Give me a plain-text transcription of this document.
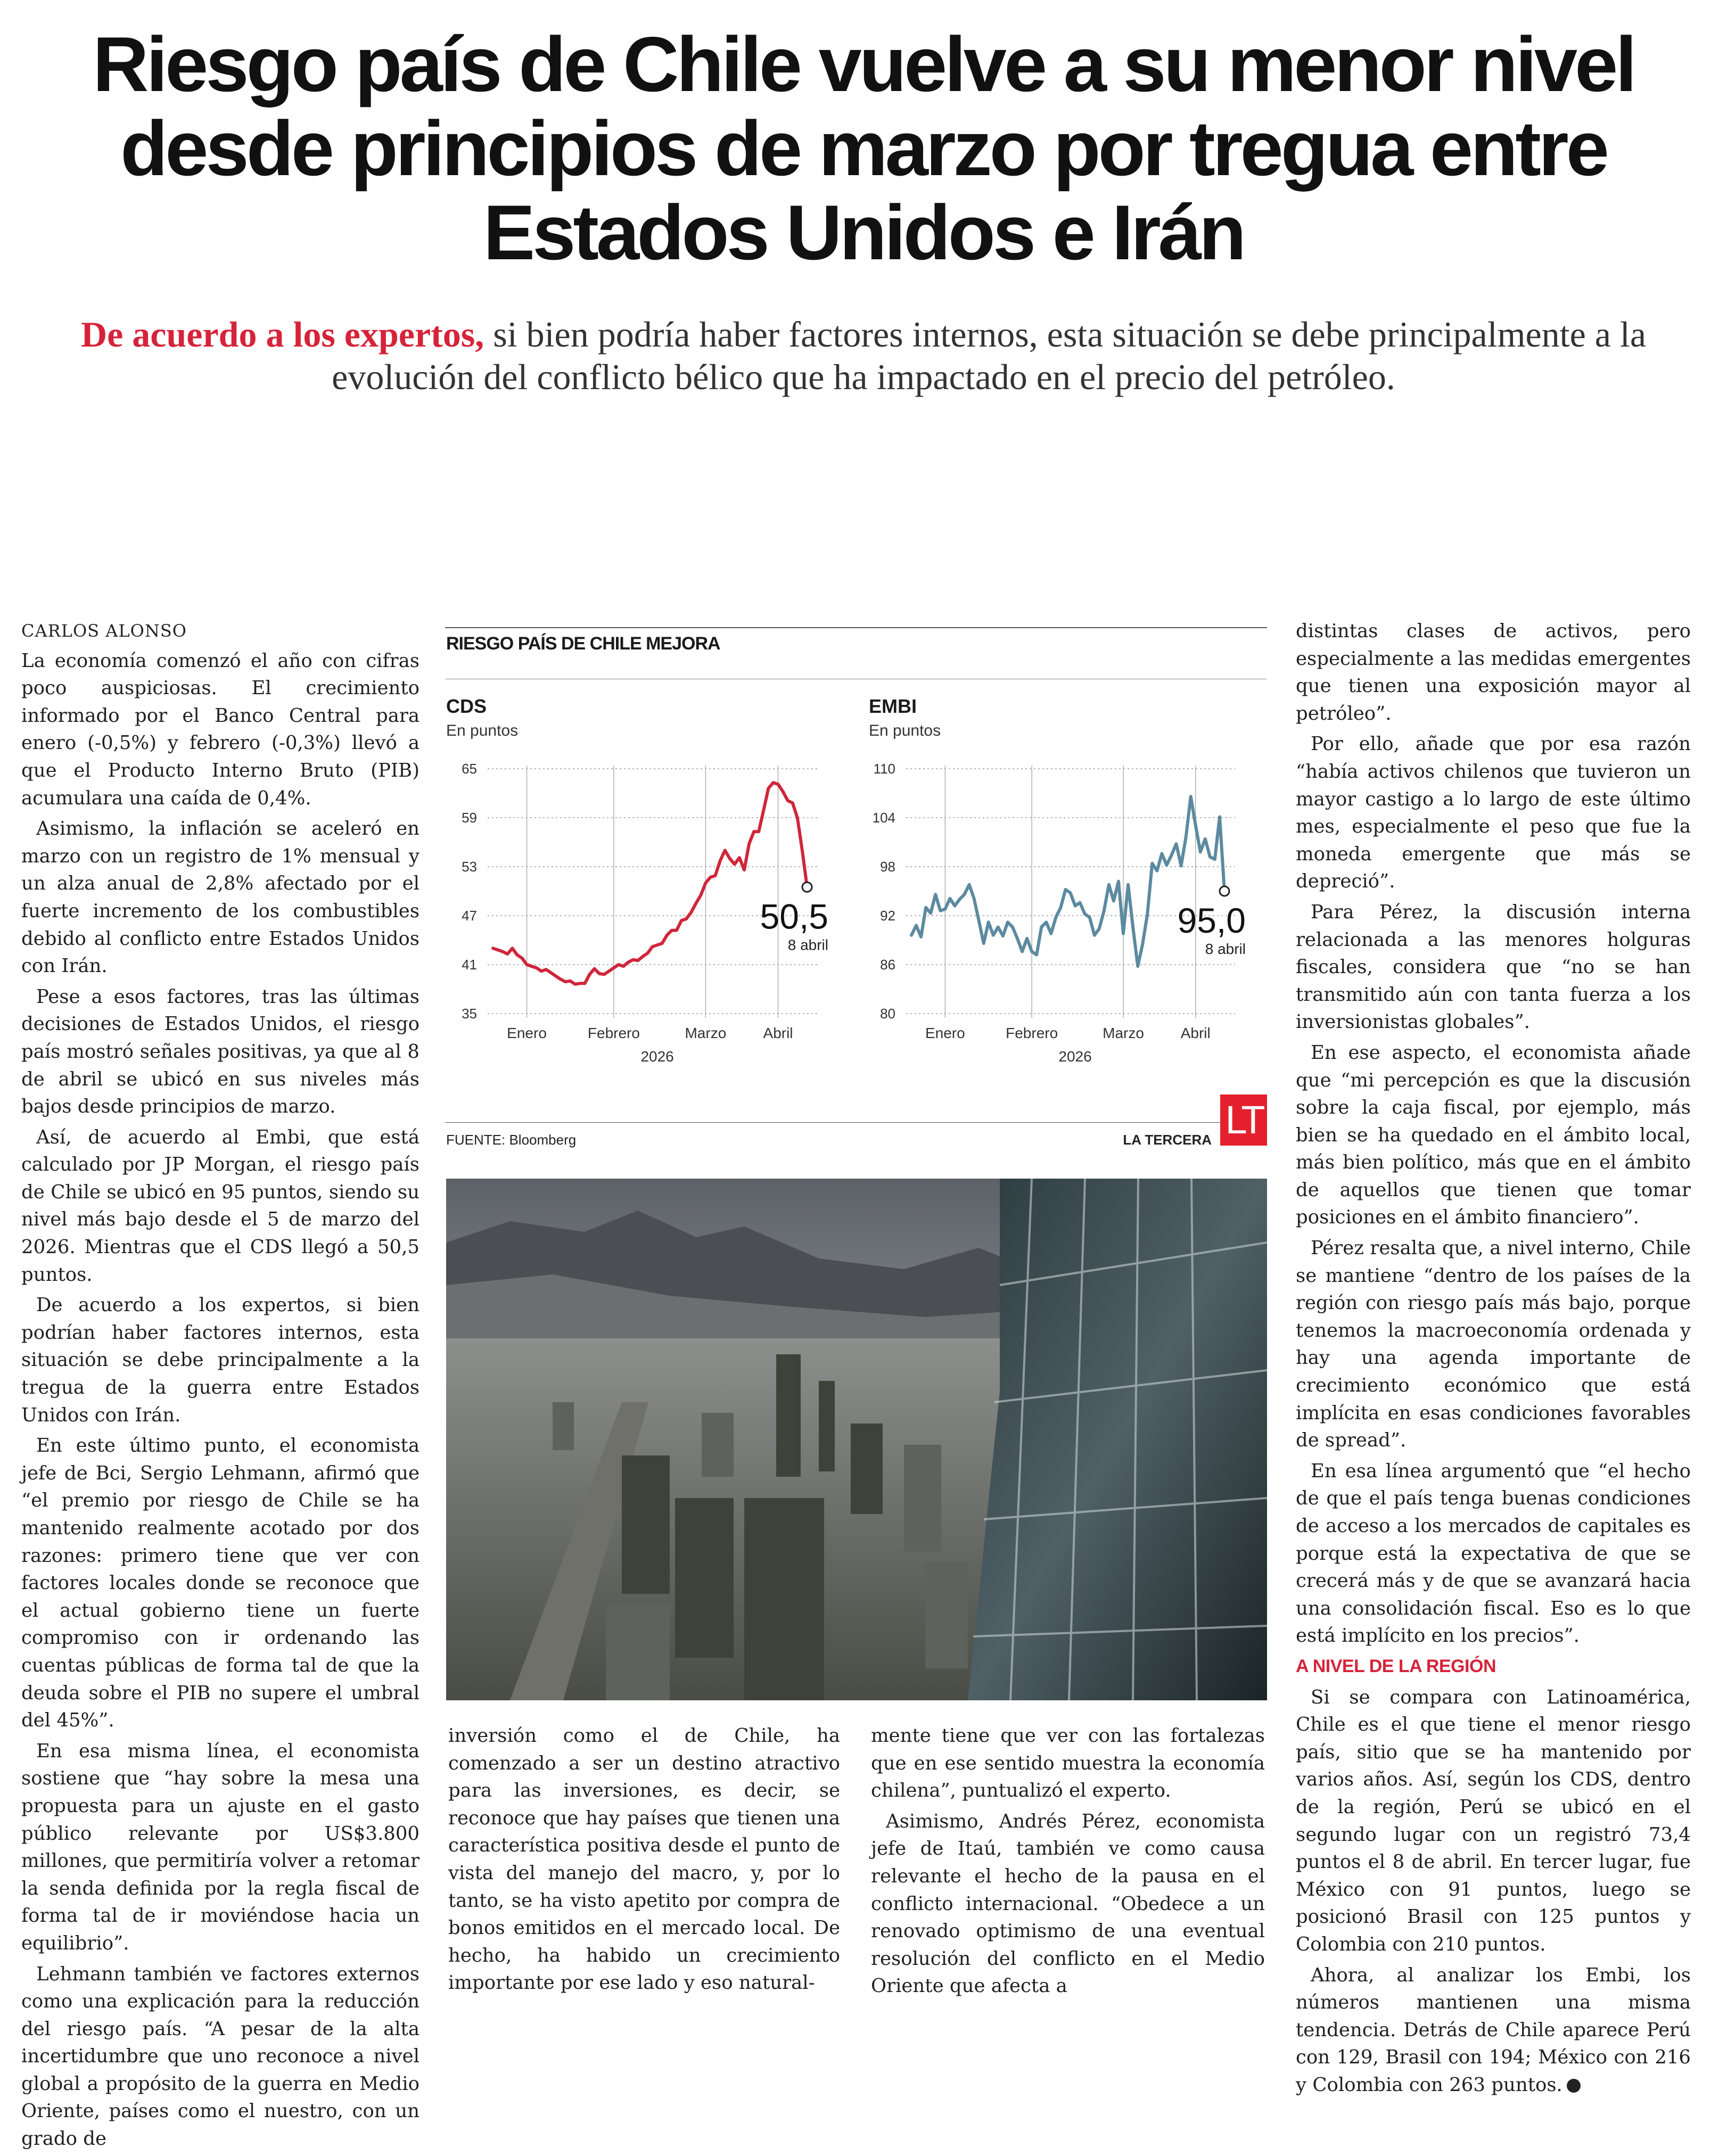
Riesgo país de Chile vuelve a su menor nivel desde principios de marzo por tregua entre Estados Unidos e Irán

De acuerdo a los expertos, si bien podría haber factores internos, esta situación se debe principalmente a la evolución del conflicto bélico que ha impactado en el precio del petróleo.

CARLOS ALONSO

La economía comenzó el año con cifras poco auspiciosas. El crecimiento informado por el Banco Central para enero (-0,5%) y febrero (-0,3%) llevó a que el Producto Interno Bruto (PIB) acumulara una caída de 0,4%.

Asimismo, la inflación se aceleró en marzo con un registro de 1% mensual y un alza anual de 2,8% afectado por el fuerte incremento de los combustibles debido al conflicto entre Estados Unidos con Irán.

Pese a esos factores, tras las últimas decisiones de Estados Unidos, el riesgo país mostró señales positivas, ya que al 8 de abril se ubicó en sus niveles más bajos desde principios de marzo.

Así, de acuerdo al Embi, que está calculado por JP Morgan, el riesgo país de Chile se ubicó en 95 puntos, siendo su nivel más bajo desde el 5 de marzo del 2026. Mientras que el CDS llegó a 50,5 puntos.

De acuerdo a los expertos, si bien podrían haber factores internos, esta situación se debe principalmente a la tregua de la guerra entre Estados Unidos con Irán.

En este último punto, el economista jefe de Bci, Sergio Lehmann, afirmó que “el premio por riesgo de Chile se ha mantenido realmente acotado por dos razones: primero tiene que ver con factores locales donde se reconoce que el actual gobierno tiene un fuerte compromiso con ir ordenando las cuentas públicas de forma tal de que la deuda sobre el PIB no supere el umbral del 45%”.

En esa misma línea, el economista sostiene que “hay sobre la mesa una propuesta para un ajuste en el gasto público relevante por US$3.800 millones, que permitiría volver a retomar la senda definida por la regla fiscal de forma tal de ir moviéndose hacia un equilibrio”.

Lehmann también ve factores externos como una explicación para la reducción del riesgo país. “A pesar de la alta incertidumbre que uno reconoce a nivel global a propósito de la guerra en Medio Oriente, países como el nuestro, con un grado de

RIESGO PAÍS DE CHILE MEJORA
CDS
En puntos
EMBI
En puntos
65
59
53
47
41
35
Enero	Febrero	Marzo Abril
2026
50,5
8 abril
110
104
98
92
86
80
Enero	Febrero	Marzo Abril
2026
95,0
8 abril
FUENTE: Bloomberg	LA TERCERA LT

inversión como el de Chile, ha comenzado a ser un destino atractivo para las inversiones, es decir, se reconoce que hay países que tienen una característica positiva desde el punto de vista del manejo del macro, y, por lo tanto, se ha visto apetito por compra de bonos emitidos en el mercado local. De hecho, ha habido un crecimiento importante por ese lado y eso natural-

mente tiene que ver con las fortalezas que en ese sentido muestra la economía chilena”, puntualizó el experto.

Asimismo, Andrés Pérez, economista jefe de Itaú, también ve como causa relevante el hecho de la pausa en el conflicto internacional. “Obedece a un renovado optimismo de una eventual resolución del conflicto en el Medio Oriente que afecta a

distintas clases de activos, pero especialmente a las medidas emergentes que tienen una exposición mayor al petróleo”.

Por ello, añade que por esa razón “había activos chilenos que tuvieron un mayor castigo a lo largo de este último mes, especialmente el peso que fue la moneda emergente que más se depreció”.

Para Pérez, la discusión interna relacionada a las menores holguras fiscales, considera que “no se han transmitido aún con tanta fuerza a los inversionistas globales”.

En ese aspecto, el economista añade que “mi percepción es que la discusión sobre la caja fiscal, por ejemplo, más bien se ha quedado en el ámbito local, más bien político, más que en el ámbito de aquellos que tienen que tomar posiciones en el ámbito financiero”.

Pérez resalta que, a nivel interno, Chile se mantiene “dentro de los países de la región con riesgo país más bajo, porque tenemos la macroeconomía ordenada y hay una agenda importante de crecimiento económico que está implícita en esas condiciones favorables de spread”.

En esa línea argumentó que “el hecho de que el país tenga buenas condiciones de acceso a los mercados de capitales es porque está la expectativa de que se crecerá más y de que se avanzará hacia una consolidación fiscal. Eso es lo que está implícito en los precios”.

A NIVEL DE LA REGIÓN

Si se compara con Latinoamérica, Chile es el que tiene el menor riesgo país, sitio que se ha mantenido por varios años. Así, según los CDS, dentro de la región, Perú se ubicó en el segundo lugar con un registró 73,4 puntos el 8 de abril. En tercer lugar, fue México con 91 puntos, luego se posicionó Brasil con 125 puntos y Colombia con 210 puntos.

Ahora, al analizar los Embi, los números mantienen una misma tendencia. Detrás de Chile aparece Perú con 129, Brasil con 194; México con 216 y Colombia con 263 puntos. P
